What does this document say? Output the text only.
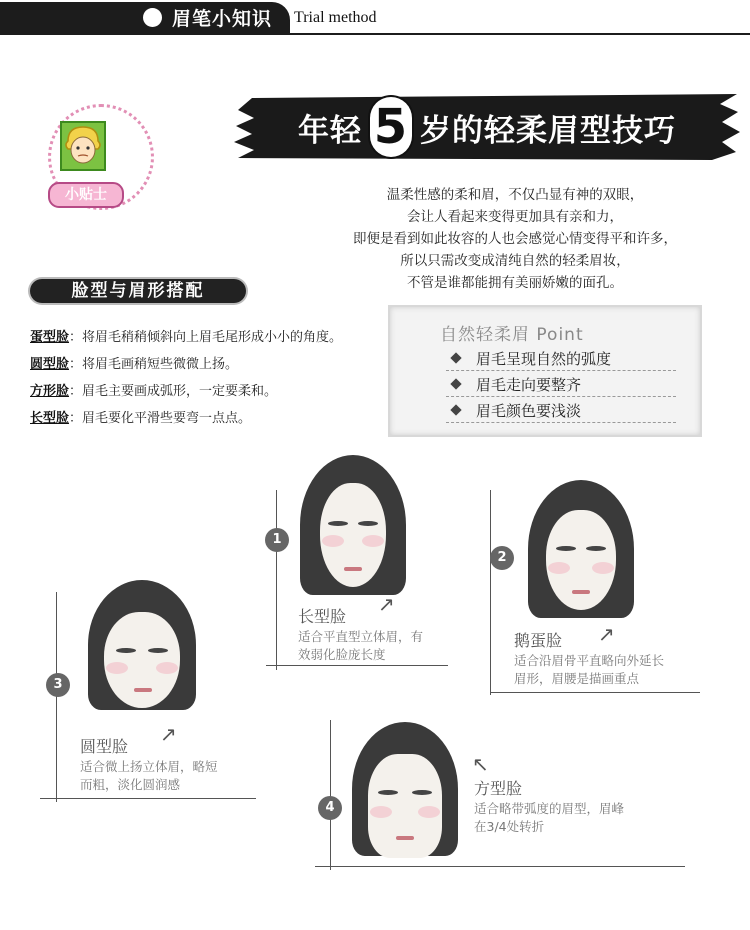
眉笔小知识 Trial method
小贴士
年轻 5 岁的轻柔眉型技巧
温柔性感的柔和眉，不仅凸显有神的双眼，
会让人看起来变得更加具有亲和力，
即便是看到如此妆容的人也会感觉心情变得平和许多，
所以只需改变成清纯自然的轻柔眉妆，
不管是谁都能拥有美丽娇嫩的面孔。
脸型与眉形搭配
蛋型脸：将眉毛稍稍倾斜向上眉毛尾形成小小的角度。
圆型脸：将眉毛画稍短些微微上扬。
方形脸：眉毛主要画成弧形，一定要柔和。
长型脸：眉毛要化平滑些要弯一点点。
自然轻柔眉 Point
眉毛呈现自然的弧度
眉毛走向要整齐
眉毛颜色要浅淡
1
↗
长型脸
适合平直型立体眉，有
效弱化脸庞长度
2
↗
鹅蛋脸
适合沿眉骨平直略向外延长
眉形，眉腰是描画重点
3
↗
圆型脸
适合微上扬立体眉，略短
而粗，淡化圆润感
4
↖
方型脸
适合略带弧度的眉型，眉峰
在3/4处转折
